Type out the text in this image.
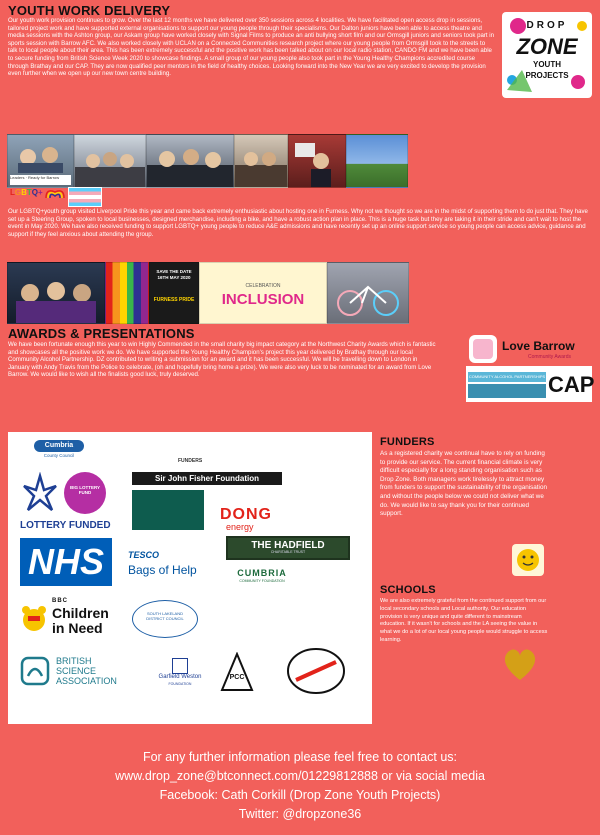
YOUTH WORK DELIVERY

Our youth work provision continues to grow. Over the last 12 months we have delivered over 350 sessions across 4 localities. We have facilitated open access drop in sessions, tailored project work and have supported external organisations to support our young people through their specialisms. Our Dalton juniors have been able to access theatre and media sessions with the Ashton group, our Askam group have worked closely with Signal Films to produce an anti bullying short film and our Ormsgill juniors and seniors took part in sports session with Barrow AFC. We also worked closely with UCLAN on a Connected Communities research project where our young people from Ormsgill took to the streets to talk to local people about their area. This has been extremely successful and the positive work has been talked about on our local radio station, CANDO FM and we have been able to secure funding from British Science Week 2020 to showcase findings. A small group of our young people also took part in the Young Healthy Champions accredited course through Brathay and our CAP. They are now qualified peer mentors in the field of healthy choices. Looking forward into the New Year we are very excited to develop the provision even further when we open up our new town centre building.

DROP
ZONE
YOUTH
PROJECTS
Leaders · Ready for Barrow
LGBTQ+

Our LGBTQ+youth group visited Liverpool Pride this year and came back extremely enthusiastic about hosting one in Furness. Why not we thought so we are in the midst of supporting them to do just that. They have set up a Steering Group, spoken to local businesses, designed merchandise, including a bike, and have a robust action plan in place. This is a huge task but they are taking it in their stride and can't wait to host the event in May 2020. We have also received funding to support LGBTQ+ young people to reduce A&E admissions and have recently set up an online support service so young people can access advice, guidance and support if they feel anxious about attending the group.

SAVE THE DATE 16TH MAY 2020
FURNESS PRIDE
CELEBRATION
INCLUSION
AWARDS & PRESENTATIONS

We have been fortunate enough this year to win Highly Commended in the small charity big impact category at the Northwest Charity Awards which is fantastic and showcases all the positive work we do. We have supported the Young Healthy Champion's project this year delivered by Brathay through our local Community Alcohol Partnership. DZ contributed to writing a submission for an award and it has been successful. We will be travelling down to London in January with Andy Travis from the Police to celebrate, (oh and hopefully bring home a prize). We were also very luck to be nominated for an award from Love Barrow. We would like to wish all the finalists good luck, truly deserved.

Love Barrow
Community Awards
COMMUNITY ALCOHOL PARTNERSHIPS CAP
FUNDERS
Cumbria
County Council
BIG LOTTERY FUND
LOTTERY FUNDED
Sir John Fisher Foundation
DONG
energy
NHS	TESCO
Bags of Help
THE HADFIELD
CHARITABLE TRUST
CUMBRIA
COMMUNITY FOUNDATION
BBC
Children
in Need
SOUTH LAKELAND DISTRICT COUNCIL
BRITISH
SCIENCE
ASSOCIATION	Garfield Weston
FOUNDATION
PCC
FUNDERS

As a registered charity we continual have to rely on funding to provide our service. The current financial climate is very difficult especially for a long standing organisation such as Drop Zone. Both managers work tirelessly to attract money from funders to support the sustainability of the organisation and without the people below we could not deliver what we do. We would like to say thank you for their continued support.

SCHOOLS

We are also extremely grateful from the continued support from our local secondary schools and Local authority. Our education provision is very unique and quite different to mainstream education. If it wasn't for schools and the LA seeing the value in what we do a lot of our local young people would struggle to access learning.

For any further information please feel free to contact us:
www.drop_zone@btconnect.com/01229812888 or via social media
Facebook: Cath Corkill (Drop Zone Youth Projects)
Twitter: @dropzone36
